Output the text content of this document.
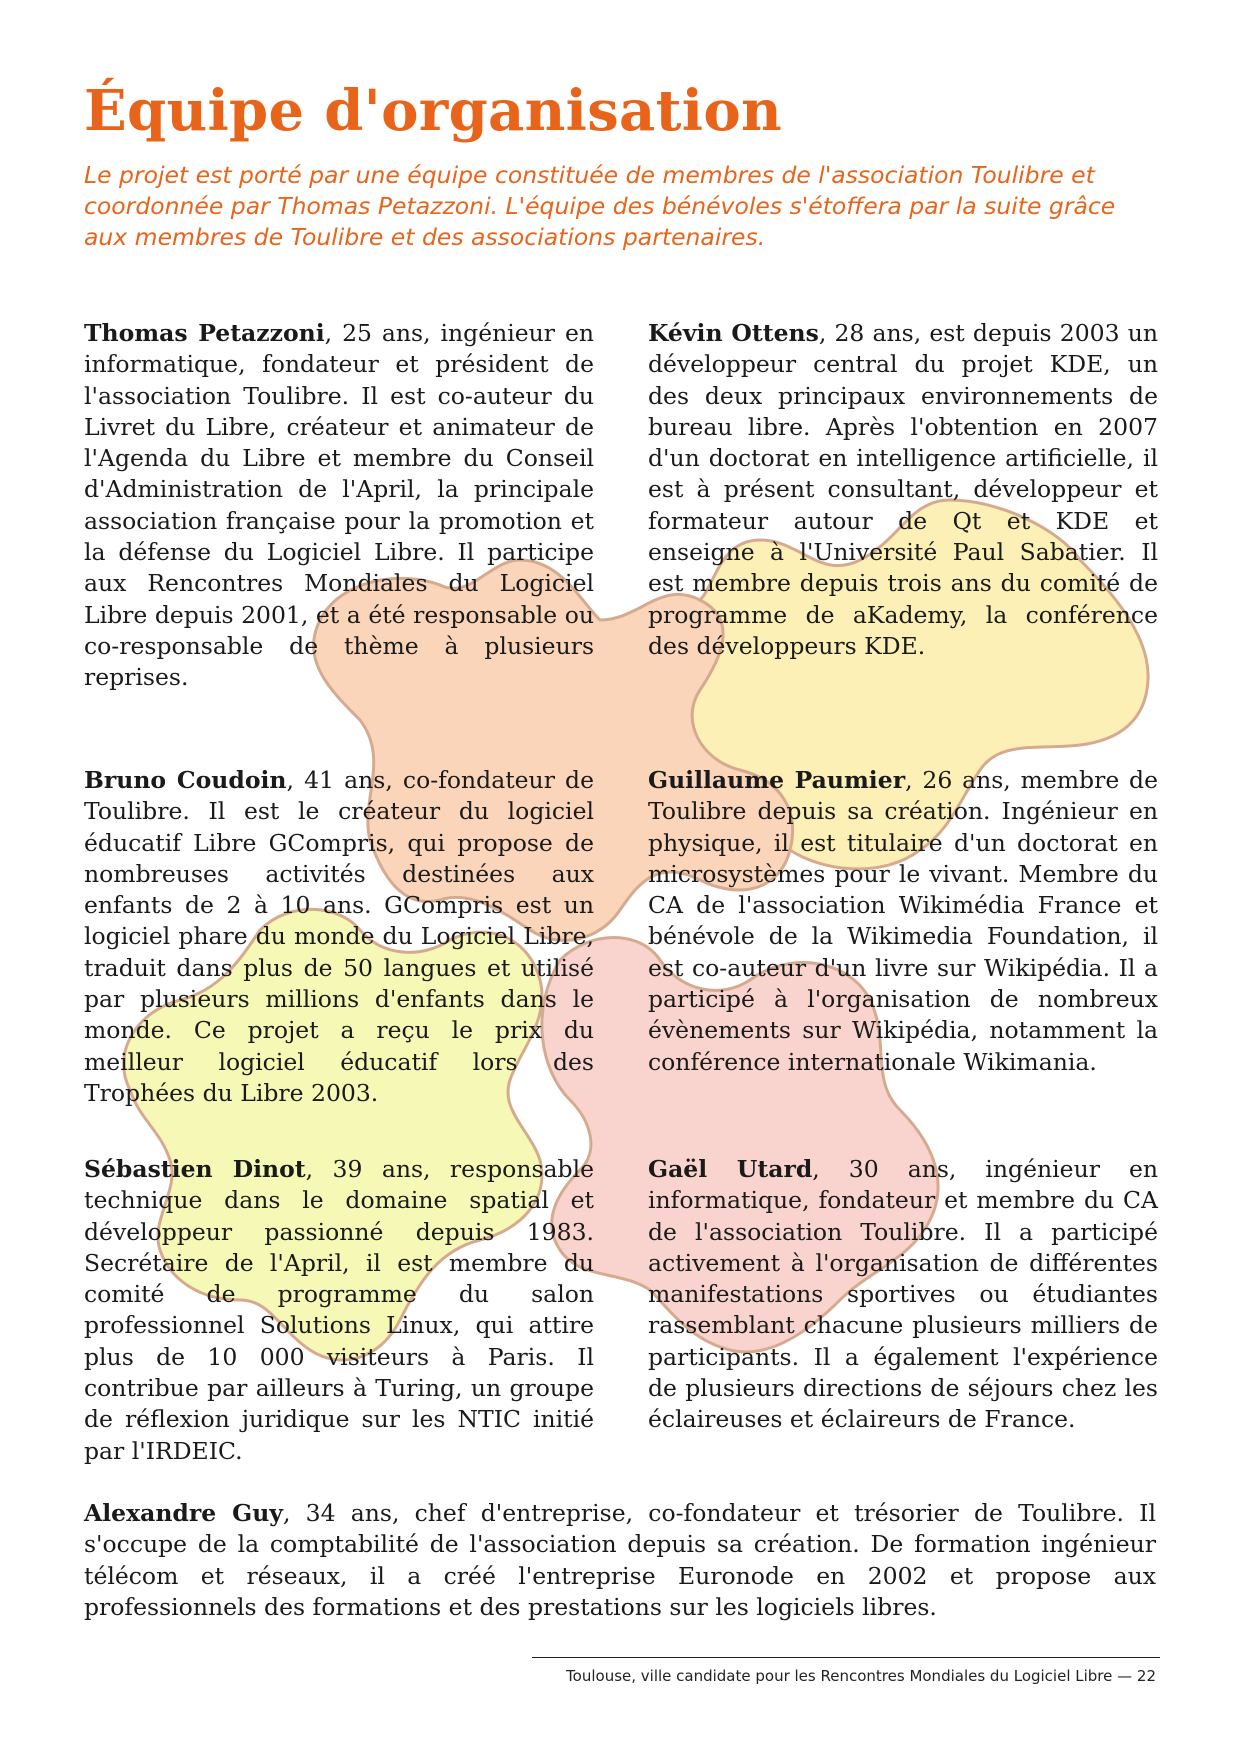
Équipe d'organisation

Le projet est porté par une équipe constituée de membres de l'association Toulibre et coordonnée par Thomas Petazzoni. L'équipe des bénévoles s'étoffera par la suite grâce aux membres de Toulibre et des associations partenaires.

Thomas Petazzoni, 25 ans, ingénieur en informatique, fondateur et président de l'association Toulibre. Il est co-auteur du Livret du Libre, créateur et animateur de l'Agenda du Libre et membre du Conseil d'Administration de l'April, la principale association française pour la promotion et la défense du Logiciel Libre. Il participe aux Rencontres Mondiales du Logiciel Libre depuis 2001, et a été responsable ou co-responsable de thème à plusieurs reprises.

Kévin Ottens, 28 ans, est depuis 2003 un développeur central du projet KDE, un des deux principaux environnements de bureau libre. Après l'obtention en 2007 d'un doctorat en intelligence artificielle, il est à présent consultant, développeur et formateur autour de Qt et KDE et enseigne à l'Université Paul Sabatier. Il est membre depuis trois ans du comité de programme de aKademy, la conférence des développeurs KDE.

Bruno Coudoin, 41 ans, co-fondateur de Toulibre. Il est le créateur du logiciel éducatif Libre GCompris, qui propose de nombreuses activités destinées aux enfants de 2 à 10 ans. GCompris est un logiciel phare du monde du Logiciel Libre, traduit dans plus de 50 langues et utilisé par plusieurs millions d'enfants dans le monde. Ce projet a reçu le prix du meilleur logiciel éducatif lors des Trophées du Libre 2003.

Guillaume Paumier, 26 ans, membre de Toulibre depuis sa création. Ingénieur en physique, il est titulaire d'un doctorat en microsystèmes pour le vivant. Membre du CA de l'association Wikimédia France et bénévole de la Wikimedia Foundation, il est co-auteur d'un livre sur Wikipédia. Il a participé à l'organisation de nombreux évènements sur Wikipédia, notamment la conférence internationale Wikimania.

Sébastien Dinot, 39 ans, responsable technique dans le domaine spatial et développeur passionné depuis 1983. Secrétaire de l'April, il est membre du comité de programme du salon professionnel Solutions Linux, qui attire plus de 10 000 visiteurs à Paris. Il contribue par ailleurs à Turing, un groupe de réflexion juridique sur les NTIC initié par l'IRDEIC.

Gaël Utard, 30 ans, ingénieur en informatique, fondateur et membre du CA de l'association Toulibre. Il a participé activement à l'organisation de différentes manifestations sportives ou étudiantes rassemblant chacune plusieurs milliers de participants. Il a également l'expérience de plusieurs directions de séjours chez les éclaireuses et éclaireurs de France.

Alexandre Guy, 34 ans, chef d'entreprise, co-fondateur et trésorier de Toulibre. Il s'occupe de la comptabilité de l'association depuis sa création. De formation ingénieur télécom et réseaux, il a créé l'entreprise Euronode en 2002 et propose aux professionnels des formations et des prestations sur les logiciels libres.

Toulouse, ville candidate pour les Rencontres Mondiales du Logiciel Libre — 22
